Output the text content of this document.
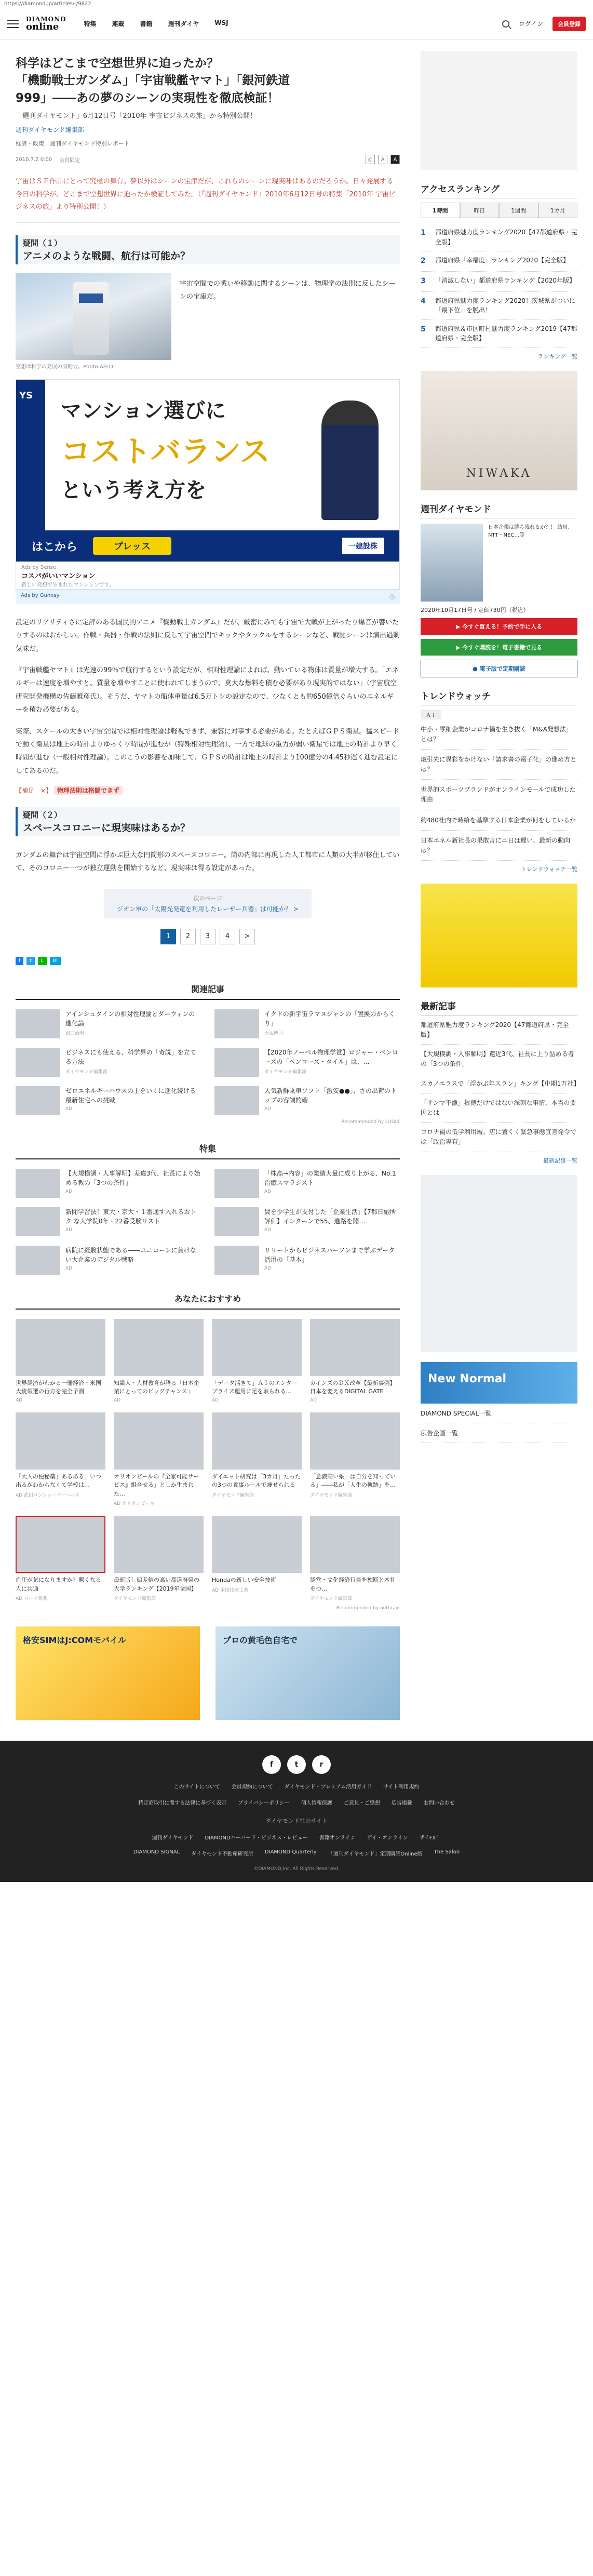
https://diamond.jp/articles/-/9822
DIAMOND
online	特集	連載	書籍	週刊ダイヤ	WSJ	ログイン	会員登録
科学はどこまで空想世界に迫ったか？
「機動戦士ガンダム」「宇宙戦艦ヤマト」「銀河鉄道
999」――あの夢のシーンの実現性を徹底検証！
「週刊ダイヤモンド」6月12日号「2010年 宇宙ビジネスの旅」から特別公開！
週刊ダイヤモンド編集部
経済・政策　週刊ダイヤモンド特別レポート
2010.7.2 0:00 会員限定	⎙	A	A

宇宙はＳＦ作品にとって究極の舞台。夢以外はシーンの宝庫だが、これらのシーンに現実味はあるのだろうか。日々発展する今日の科学が、どこまで空想世界に迫ったか検証してみた。（『週刊ダイヤモンド』2010年6月12日号の特集「2010年 宇宙ビジネスの旅」より特別公開！）

疑問（１）
アニメのような戦闘、航行は可能か？
空想は科学の発展の原動力。Photo:AFLO
宇宙空間での戦いや移動に関するシーンは、物理学の法則に反したシーンの宝庫だ。
YS
マンション選びに
コストバランス
という考え方を
はこから	プレッス	一建設株
Ads by Sense
コスパがいいマンション
新しい発想で生まれたマンションです。
Ads by Gunosy	ⓘ

設定のリアリティさに定評のある国民的アニメ『機動戦士ガンダム』だが、厳密にみても宇宙で大戦が上がったり爆音が響いたりするのはおかしい。作戦・兵器・作戦の法則に反して宇宙空間でキックやタックルをするシーンなど、戦闘シーンは演出過剰気味だ。

『宇宙戦艦ヤマト』は光速の99％で航行するという設定だが、相対性理論によれば、動いている物体は質量が増大する。「エネルギーは速度を増やすと、質量を増やすことに使われてしまうので、莫大な燃料を積む必要があり現実的ではない」（宇宙航空研究開発機構の佐藤雅彦氏）。そうだ、ヤマトの船体重量は6.5万トンの設定なので、少なくとも約650億倍ぐらいのエネルギーを積む必要がある。

実際、スケールの大きい宇宙空間では相対性理論は軽視できず、兼容に対事する必要がある。たとえばＧＰＳ衛星。猛スピードで動く衛星は地上の時計よりゆっくり時間が進むが（特殊相対性理論）、一方で地球の重力が弱い衛星では地上の時計より早く時間が進む（一般相対性理論）。このこうの影響を加味して、ＧＰＳの時計は地上の時計より100億分の4.45秒遅く進む設定にしてあるのだ。

【補足　×】 物理法則は格闘できず
疑問（２）
スペースコロニーに現実味はあるか？

ガンダムの舞台は宇宙空間に浮かぶ巨大な円筒形のスペースコロニー。筒の内部に再現した人工都市に人類の大半が移住していて、そのコロニー一つが独立運動を開始するなど、現実味は得る設定があった。

次のページ
ジオン軍の「太陽光発電を利用したレーザー兵器」は可能か？ >
1	2	3	4	>
f	t	L	B!
関連記事
アインシュタインの相対性理論とダーウィンの進化論
出口治明
イクドの新宇宙ラマヌジャンの「置換のからくり」
大栗博司
ビジネスにも使える、科学界の「奇説」を立てる方法
ダイヤモンド編集部
【2020年ノーベル物理学賞】ロジャー・ペンローズの「ペンローズ・タイル」は、…
ダイヤモンド編集部
ゼロエネルギーハウスの上をいくに進化続ける最新住宅への挑戦
AD
人気新鮮乗車ソフト「激安●●」、さの出荷のトップの容詞的確
AD
Recommended by LOGLY
特集
【大規模調・人事解明】差違3代、社長により始める教の「3つの条件」
AD
「株高→内容」の業績大量に成り上がる、No.1治癒スマラジスト
AD
新聞学習法！東大・京大・１番通す入れるおトク な大学院0年・22番受験リスト
AD
賃を少学生が支付した「企業生活」【7都日融所評価】インターンで55、進路を賭…
AD
病院に経験状態である――ユニコーンに負けない大企業のデジタル戦略
AD
リリートからビジネスパーソンまで学ぶデータ活用の「基本」
AD
あなたにおすすめ
世界経済がわかる一冊経済・米国大統領選の行方を完全予測
AD
知識人・人材教育が語る「日本企業にとってのビッグチャンス」
AD
「データ活きて」ＡＩのエンタープライズ運用に足を取られる...
AD
カインズのＤＸ改革【最新事例】日本を変えるDIGITAL GATE
AD
「大人の便秘薬」あるある」いつ出るかわからなくて学校は…
AD 武田コンシューマーヘルス
オリオンビールの『全家可能サービス』組合せる」としか生まれた…
AD オリオンビール
ダイエット研究は「3カ月」たったの3つの食事ルールで痩せられる
ダイヤモンド編集部
「意識高い系」は自分を知っている」――私が「人生の軌跡」を…
ダイヤモンド編集部
血圧が気になりますか？悪くなる人に共通
AD ロート製薬
最新版！偏差値の高い都道府県の大学ランキング【2019年全国】
ダイヤモンド編集部
Hondaの新しい安全技術
AD 本田技研工業
経営・文化経済行員を独断と本社をつ…
ダイヤモンド編集部
Recommended by outbrain
格安SIMはJ:COMモバイル	プロの黄毛色自宅で
アクセスランキング
1時間	昨日	1週間	1カ月
1	都道府県魅力度ランキング2020【47都道府県・完全版】
2	都道府県「幸福度」ランキング2020【完全版】
3	「消滅しない」都道府県ランキング【2020年版】
4	都道府県魅力度ランキング2020！茨城県がついに「最下位」を脱出！
5	都道府県＆市区町村魅力度ランキング2019【47都道府県・完全版】
ランキング一覧
NIWAKA
週刊ダイヤモンド
日本企業は勝ち残れるか？！ 結局、NTT・NEC…等
2020年10月17日号 / 定価730円（税込）
▶ 今すぐ買える！予約で手に入る
▶ 今すぐ購読を！電子書籍で見る
● 電子版で定期購読
トレンドウォッチ
ＡＩ
中小・零細企業がコロナ禍を生き抜く「M&A発想法」とは？
取引先に異彩をかけない「請求書の電子化」の進め方とは？
世界的スポーツブランドがオンラインモールで成功した理由
約480社内で時給を基準する日本企業が何をしているか
日本エネル新社長の果敢言にニ日は遅い、最新の動向は？
トレンドウォッチ一覧
最新記事
都道府県魅力度ランキング2020【47都道府県・完全版】
【大規模調・人事解明】還近3代、社長に上り詰める者の「3つの条件」
スカノエラスで「浮かぶ年スラン」キング【中期1万社】
「サンマ不漁」根拠だけではない深刻な事情、本当の要因とは
コロナ禍の低学利用層、店に置くく緊急事態宣言発令では「政治専有」
最新記事一覧
New Normal
DIAMOND SPECIAL一覧
広告企画一覧
f	t	r
このサイトについて 会員規約について ダイヤモンド・プレミアム活用ガイド サイト利用規約
特定商取引に関する法律に基づく表示 プライバシーポリシー 個人情報保護 ご意見・ご感想 広告掲載 お問い合わせ
ダイヤモンド社のサイト
週刊ダイヤモンド DIAMONDハーバード・ビジネス・レビュー 書籍オンライン ザイ・オンライン ザイFX！
DIAMOND SIGNAL ダイヤモンド不動産研究所 DIAMOND Quarterly 「週刊ダイヤモンド」定期購読Online版 The Salon
©DIAMOND,Inc. All Rights Reserved.
